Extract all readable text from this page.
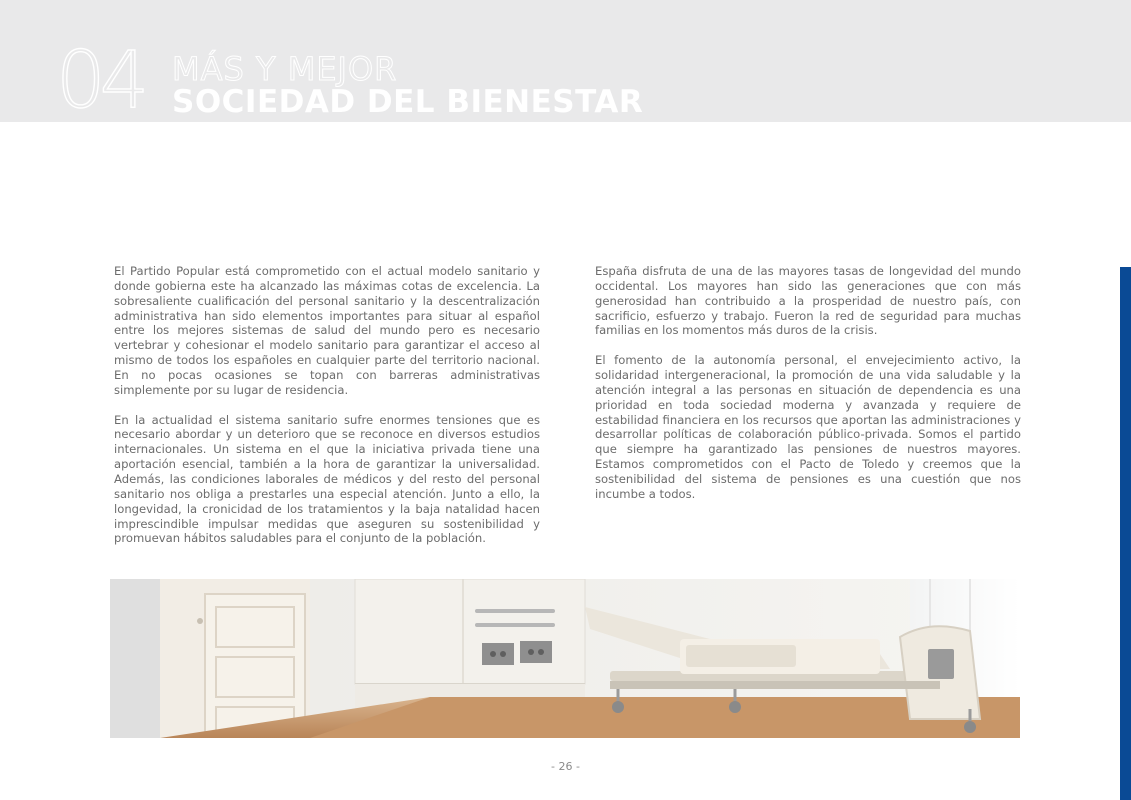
04 MÁS Y MEJOR
SOCIEDAD DEL BIENESTAR

El Partido Popular está comprometido con el actual modelo sanitario y donde gobierna este ha alcanzado las máximas cotas de excelencia. La sobresaliente cualificación del personal sanitario y la descentralización administrativa han sido elementos importantes para situar al español entre los mejores sistemas de salud del mundo pero es necesario vertebrar y cohesionar el modelo sanitario para garantizar el acceso al mismo de todos los españoles en cualquier parte del territorio nacional. En no pocas ocasiones se topan con barreras administrativas simplemente por su lugar de residencia.

En la actualidad el sistema sanitario sufre enormes tensiones que es necesario abordar y un deterioro que se reconoce en diversos estudios internacionales. Un sistema en el que la iniciativa privada tiene una aportación esencial, también a la hora de garantizar la universalidad. Además, las condiciones laborales de médicos y del resto del personal sanitario nos obliga a prestarles una especial atención. Junto a ello, la longevidad, la cronicidad de los tratamientos y la baja natalidad hacen imprescindible impulsar medidas que aseguren su sostenibilidad y promuevan hábitos saludables para el conjunto de la población.

España disfruta de una de las mayores tasas de longevidad del mundo occidental. Los mayores han sido las generaciones que con más generosidad han contribuido a la prosperidad de nuestro país, con sacrificio, esfuerzo y trabajo. Fueron la red de seguridad para muchas familias en los momentos más duros de la crisis.

El fomento de la autonomía personal, el envejecimiento activo, la solidaridad intergeneracional, la promoción de una vida saludable y la atención integral a las personas en situación de dependencia es una prioridad en toda sociedad moderna y avanzada y requiere de estabilidad financiera en los recursos que aportan las administraciones y desarrollar políticas de colaboración público-privada. Somos el partido que siempre ha garantizado las pensiones de nuestros mayores. Estamos comprometidos con el Pacto de Toledo y creemos que la sostenibilidad del sistema de pensiones es una cuestión que nos incumbe a todos.

- 26 -
